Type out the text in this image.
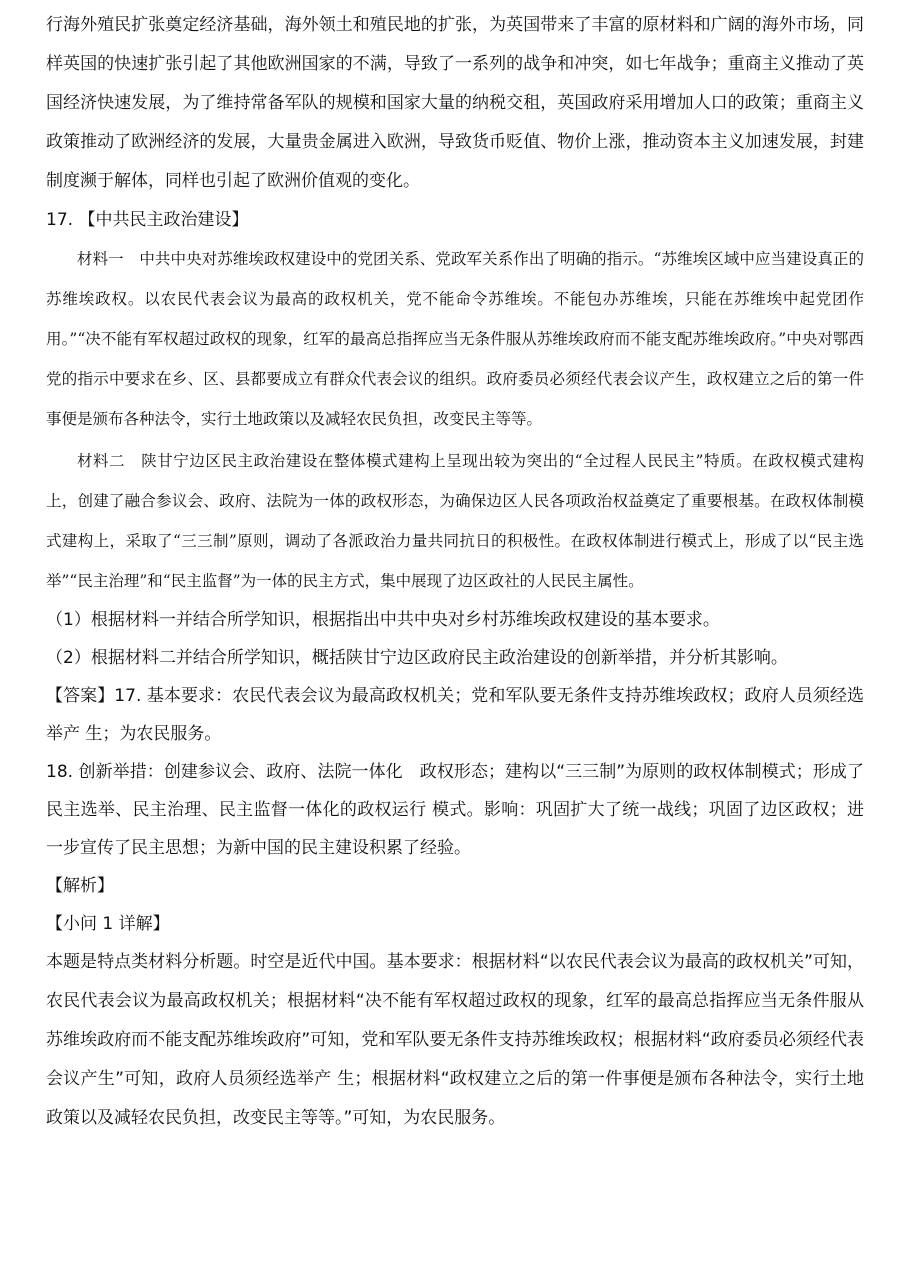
行海外殖民扩张奠定经济基础，海外领土和殖民地的扩张，为英国带来了丰富的原材料和广阔的海外市场，同样英国的快速扩张引起了其他欧洲国家的不满，导致了一系列的战争和冲突，如七年战争；重商主义推动了英国经济快速发展，为了维持常备军队的规模和国家大量的纳税交租，英国政府采用增加人口的政策；重商主义政策推动了欧洲经济的发展，大量贵金属进入欧洲，导致货币贬值、物价上涨，推动资本主义加速发展，封建制度濒于解体，同样也引起了欧洲价值观的变化。

17. 【中共民主政治建设】

材料一　中共中央对苏维埃政权建设中的党团关系、党政军关系作出了明确的指示。“苏维埃区域中应当建设真正的苏维埃政权。以农民代表会议为最高的政权机关，党不能命令苏维埃。不能包办苏维埃，只能在苏维埃中起党团作用。”“决不能有军权超过政权的现象，红军的最高总指挥应当无条件服从苏维埃政府而不能支配苏维埃政府。”中央对鄂西党的指示中要求在乡、区、县都要成立有群众代表会议的组织。政府委员必须经代表会议产生，政权建立之后的第一件事便是颁布各种法令，实行土地政策以及减轻农民负担，改变民主等等。

材料二　陕甘宁边区民主政治建设在整体模式建构上呈现出较为突出的“全过程人民民主”特质。在政权模式建构上，创建了融合参议会、政府、法院为一体的政权形态，为确保边区人民各项政治权益奠定了重要根基。在政权体制模式建构上，采取了“三三制”原则，调动了各派政治力量共同抗日的积极性。在政权体制进行模式上，形成了以“民主选举”“民主治理”和“民主监督”为一体的民主方式，集中展现了边区政社的人民民主属性。

（1）根据材料一并结合所学知识，根据指出中共中央对乡村苏维埃政权建设的基本要求。

（2）根据材料二并结合所学知识，概括陕甘宁边区政府民主政治建设的创新举措，并分析其影响。

【答案】17. 基本要求：农民代表会议为最高政权机关；党和军队要无条件支持苏维埃政权；政府人员须经选举产 生；为农民服务。

18. 创新举措：创建参议会、政府、法院一体化　政权形态；建构以“三三制”为原则的政权体制模式；形成了民主选举、民主治理、民主监督一体化的政权运行 模式。影响：巩固扩大了统一战线；巩固了边区政权；进一步宣传了民主思想；为新中国的民主建设积累了经验。

【解析】

【小问 1 详解】

本题是特点类材料分析题。时空是近代中国。基本要求：根据材料“以农民代表会议为最高的政权机关”可知，农民代表会议为最高政权机关；根据材料“决不能有军权超过政权的现象，红军的最高总指挥应当无条件服从苏维埃政府而不能支配苏维埃政府”可知，党和军队要无条件支持苏维埃政权；根据材料“政府委员必须经代表会议产生”可知，政府人员须经选举产 生；根据材料“政权建立之后的第一件事便是颁布各种法令，实行土地政策以及减轻农民负担，改变民主等等。”可知，为农民服务。
